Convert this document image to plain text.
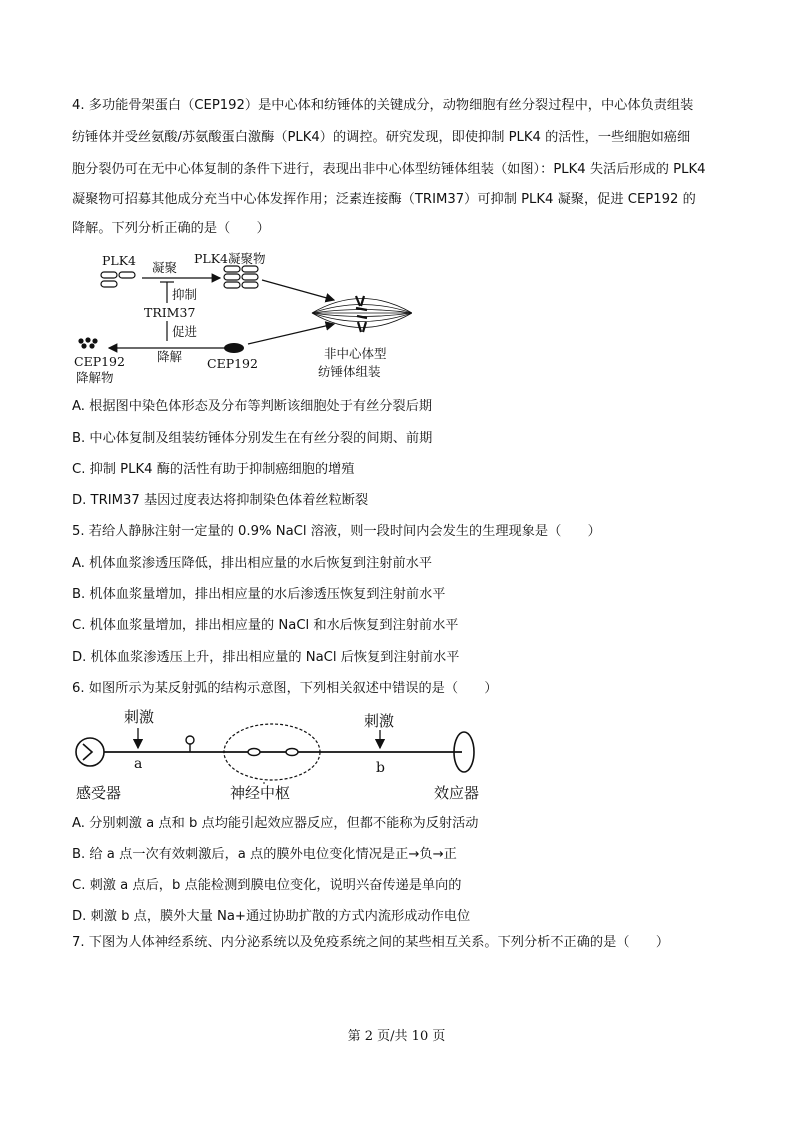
4. 多功能骨架蛋白（CEP192）是中心体和纺锤体的关键成分，动物细胞有丝分裂过程中，中心体负责组装
纺锤体并受丝氨酸/苏氨酸蛋白激酶（PLK4）的调控。研究发现，即使抑制 PLK4 的活性，一些细胞如癌细
胞分裂仍可在无中心体复制的条件下进行，表现出非中心体型纺锤体组装（如图）：PLK4 失活后形成的 PLK4
凝聚物可招募其他成分充当中心体发挥作用；泛素连接酶（TRIM37）可抑制 PLK4 凝聚，促进 CEP192 的
降解。下列分析正确的是（　　）
PLK4 凝聚
PLK4凝聚物
抑制
TRIM37
促进
降解
CEP192
降解物
CEP192
非中心体型
纺锤体组装
A. 根据图中染色体形态及分布等判断该细胞处于有丝分裂后期
B. 中心体复制及组装纺锤体分别发生在有丝分裂的间期、前期
C. 抑制 PLK4 酶的活性有助于抑制癌细胞的增殖
D. TRIM37 基因过度表达将抑制染色体着丝粒断裂
5. 若给人静脉注射一定量的 0.9% NaCl 溶液，则一段时间内会发生的生理现象是（　　）
A. 机体血浆渗透压降低，排出相应量的水后恢复到注射前水平
B. 机体血浆量增加，排出相应量的水后渗透压恢复到注射前水平
C. 机体血浆量增加，排出相应量的 NaCl 和水后恢复到注射前水平
D. 机体血浆渗透压上升，排出相应量的 NaCl 后恢复到注射前水平
6. 如图所示为某反射弧的结构示意图，下列相关叙述中错误的是（　　）
感受器
刺激
a
神经中枢
刺激
b
效应器
A. 分别刺激 a 点和 b 点均能引起效应器反应，但都不能称为反射活动
B. 给 a 点一次有效刺激后，a 点的膜外电位变化情况是正→负→正
C. 刺激 a 点后，b 点能检测到膜电位变化，说明兴奋传递是单向的
D. 刺激 b 点，膜外大量 Na+通过协助扩散的方式内流形成动作电位
7. 下图为人体神经系统、内分泌系统以及免疫系统之间的某些相互关系。下列分析不正确的是（　　）
第 2 页/共 10 页
